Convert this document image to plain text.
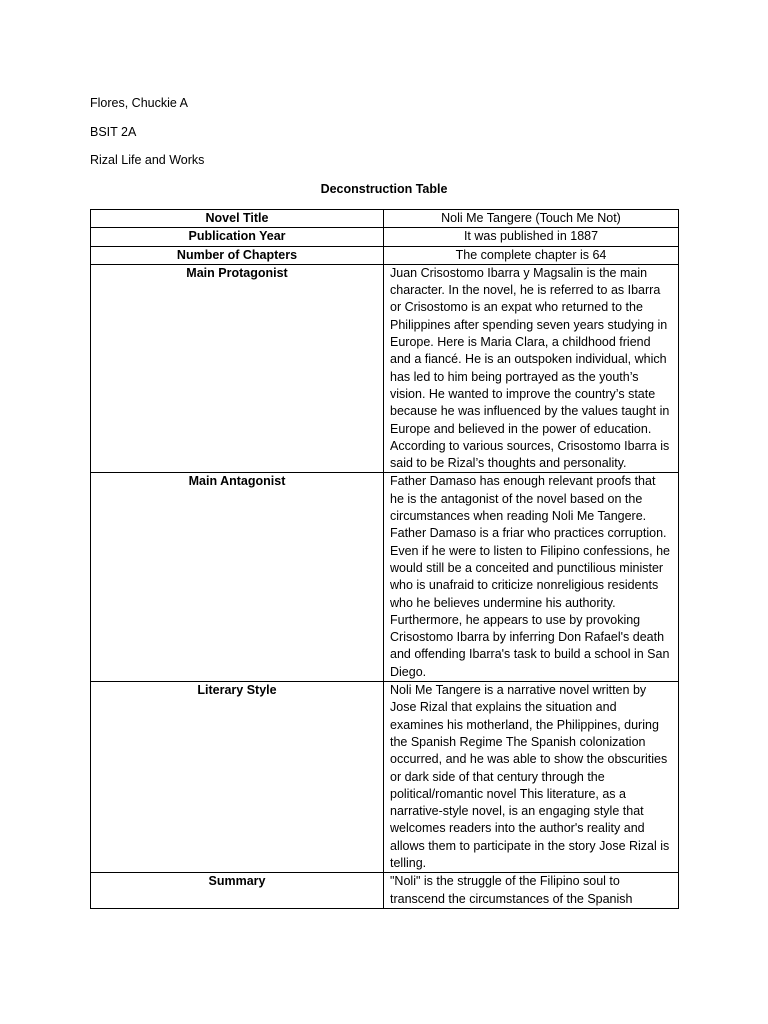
Flores, Chuckie A
BSIT 2A
Rizal Life and Works
Deconstruction Table
Novel Title	Noli Me Tangere (Touch Me Not)
Publication Year	It was published in 1887
Number of Chapters	The complete chapter is 64
Main Protagonist	Juan Crisostomo Ibarra y Magsalin is the main character. In the novel, he is referred to as Ibarra or Crisostomo is an expat who returned to the Philippines after spending seven years studying in Europe. Here is Maria Clara, a childhood friend and a fiancé. He is an outspoken individual, which has led to him being portrayed as the youth’s vision. He wanted to improve the country’s state because he was influenced by the values taught in Europe and believed in the power of education. According to various sources, Crisostomo Ibarra is said to be Rizal’s thoughts and personality.
Main Antagonist	Father Damaso has enough relevant proofs that he is the antagonist of the novel based on the circumstances when reading Noli Me Tangere. Father Damaso is a friar who practices corruption. Even if he were to listen to Filipino confessions, he would still be a conceited and punctilious minister who is unafraid to criticize nonreligious residents who he believes undermine his authority. Furthermore, he appears to use by provoking Crisostomo Ibarra by inferring Don Rafael's death and offending Ibarra's task to build a school in San Diego.
Literary Style	Noli Me Tangere is a narrative novel written by Jose Rizal that explains the situation and examines his motherland, the Philippines, during the Spanish Regime The Spanish colonization occurred, and he was able to show the obscurities or dark side of that century through the political/romantic novel This literature, as a narrative-style novel, is an engaging style that welcomes readers into the author's reality and allows them to participate in the story Jose Rizal is telling.
Summary	"Noli" is the struggle of the Filipino soul to transcend the circumstances of the Spanish
